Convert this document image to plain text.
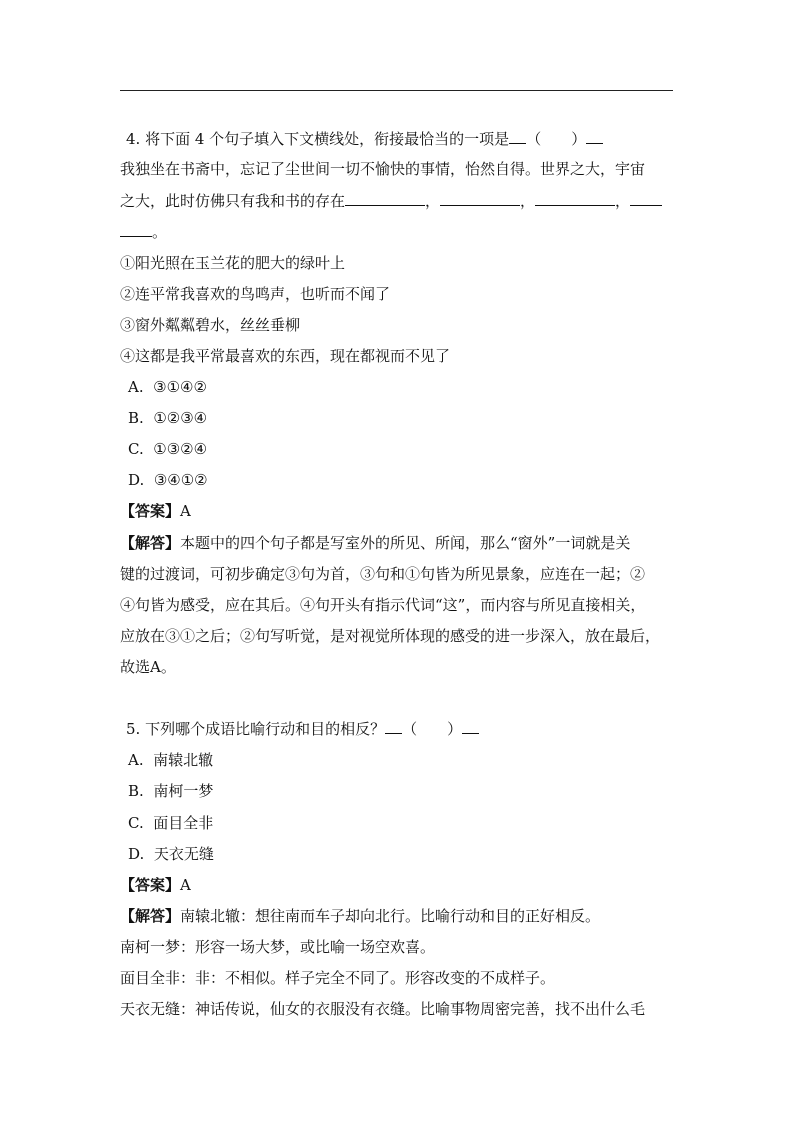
4. 将下面 4 个句子填入下文横线处，衔接最恰当的一项是 （　　）
我独坐在书斋中，忘记了尘世间一切不愉快的事情，怡然自得。世界之大，宇宙
之大，此时仿佛只有我和书的存在	，	，	，
。
①阳光照在玉兰花的肥大的绿叶上
②连平常我喜欢的鸟鸣声，也听而不闻了
③窗外粼粼碧水，丝丝垂柳
④这都是我平常最喜欢的东西，现在都视而不见了
A. ③①④②
B. ①②③④
C. ①③②④
D. ③④①②
【答案】A
【解答】本题中的四个句子都是写室外的所见、所闻，那么“窗外”一词就是关
键的过渡词，可初步确定③句为首，③句和①句皆为所见景象，应连在一起；②
④句皆为感受，应在其后。④句开头有指示代词“这”，而内容与所见直接相关，
应放在③①之后；②句写听觉，是对视觉所体现的感受的进一步深入，放在最后，
故选A。
5. 下列哪个成语比喻行动和目的相反？ （　　）
A. 南辕北辙
B. 南柯一梦
C. 面目全非
D. 天衣无缝
【答案】A
【解答】南辕北辙：想往南而车子却向北行。比喻行动和目的正好相反。
南柯一梦：形容一场大梦，或比喻一场空欢喜。
面目全非：非：不相似。样子完全不同了。形容改变的不成样子。
天衣无缝：神话传说，仙女的衣服没有衣缝。比喻事物周密完善，找不出什么毛
